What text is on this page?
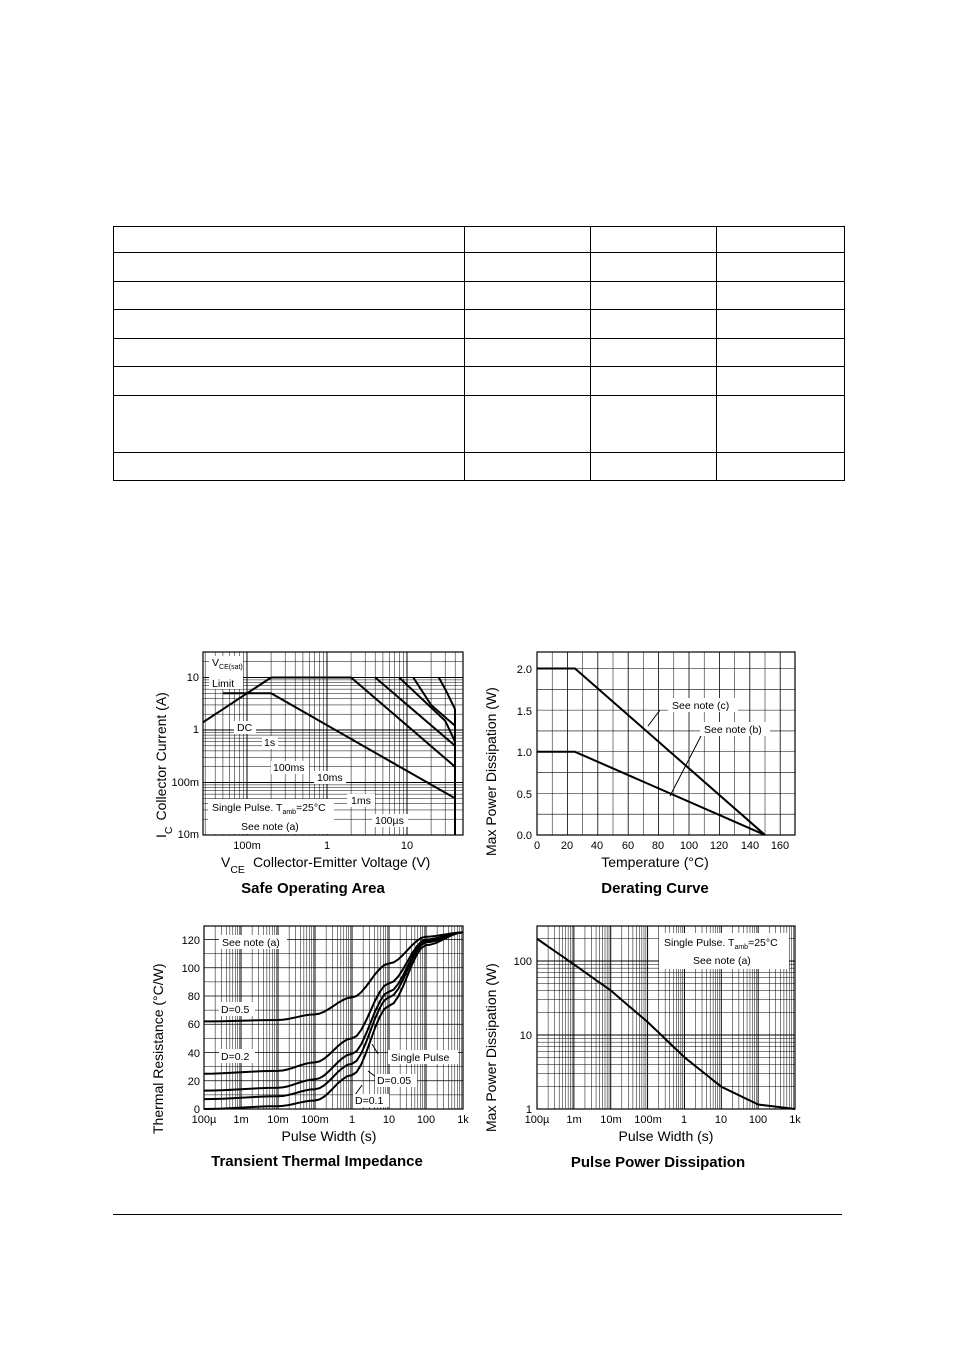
$V_{CE(sat)}$
Limit
DC
1s
100ms
10ms
1ms
100µs
Single Pulse. $T_{amb}=25^\circ C$
See note (a)
10
1
100m
10m
100m	1	10
$I_CCollector$ Current (A)
$V_{CE}$ Collector-Emitter Voltage (V)
Safe Operating Area
See note (c)
See note (b)
2.0
1.5
1.0
0.5
0.0
0 20 40 60 80 100 120 140 160
Max Power Dissipation (W)
Temperature (°C)
Derating Curve
See note (a)
D=0.5
D=0.2	Single Pulse
D=0.05
D=0.1
120
100
80
60
40
20
0
100µ 1m 10m 100m 1	10 100 1k
Thermal Resistance (°C/W)
Pulse Width (s)
Transient Thermal Impedance
Single Pulse. $T_{amb}=25^\circ C$
See note (a)
100
10
1
100µ 1m 10m 100m 1	10 100 1k
Max Power Dissipation (W)
Pulse Width (s)
Pulse Power Dissipation
